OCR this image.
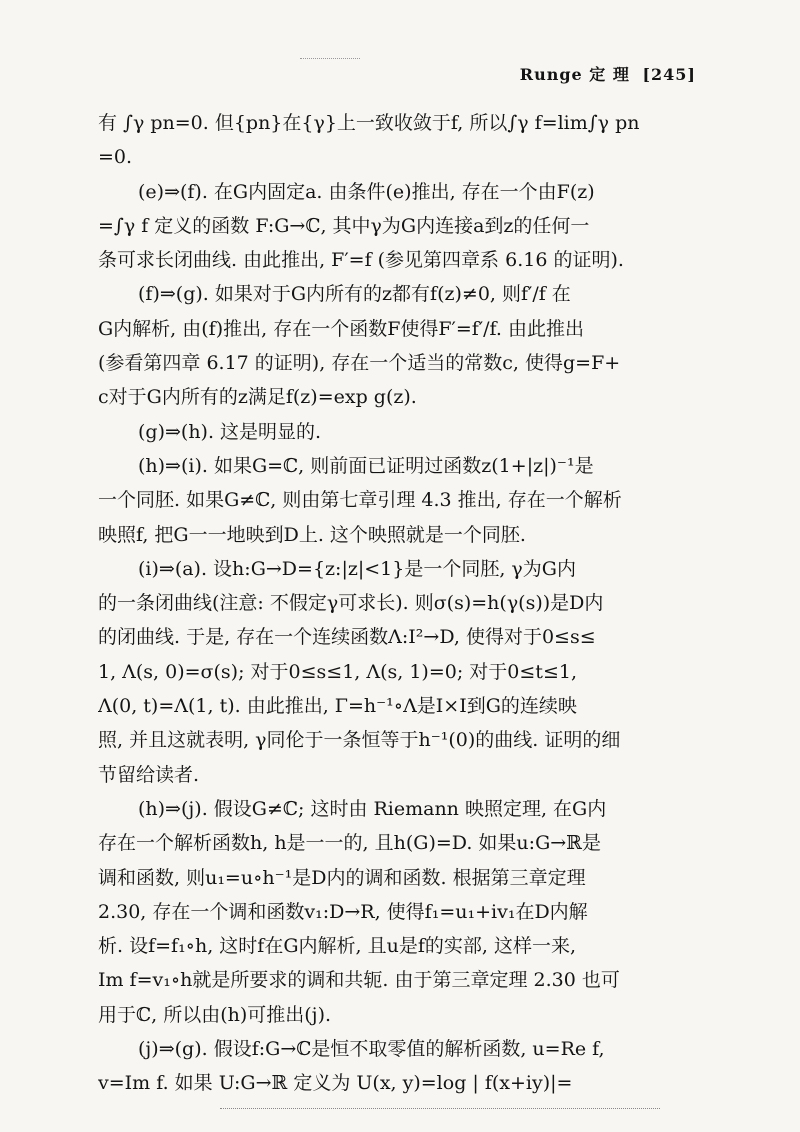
Runge 定 理 [245]
有 ∫γ pn=0. 但{pn}在{γ}上一致收敛于f, 所以∫γ f=lim∫γ pn
=0.
(e)⇒(f). 在G内固定a. 由条件(e)推出, 存在一个由F(z)
=∫γ f 定义的函数 F:G→ℂ, 其中γ为G内连接a到z的任何一
条可求长闭曲线. 由此推出, F′=f (参见第四章系 6.16 的证明).
(f)⇒(g). 如果对于G内所有的z都有f(z)≠0, 则f′/f 在
G内解析, 由(f)推出, 存在一个函数F使得F′=f′/f. 由此推出
(参看第四章 6.17 的证明), 存在一个适当的常数c, 使得g=F+
c对于G内所有的z满足f(z)=exp g(z).
(g)⇒(h). 这是明显的.
(h)⇒(i). 如果G=ℂ, 则前面已证明过函数z(1+|z|)⁻¹是
一个同胚. 如果G≠ℂ, 则由第七章引理 4.3 推出, 存在一个解析
映照f, 把G一一地映到D上. 这个映照就是一个同胚.
(i)⇒(a). 设h:G→D={z:|z|<1}是一个同胚, γ为G内
的一条闭曲线(注意: 不假定γ可求长). 则σ(s)=h(γ(s))是D内
的闭曲线. 于是, 存在一个连续函数Λ:I²→D, 使得对于0≤s≤
1, Λ(s, 0)=σ(s); 对于0≤s≤1, Λ(s, 1)=0; 对于0≤t≤1,
Λ(0, t)=Λ(1, t). 由此推出, Γ=h⁻¹∘Λ是I×I到G的连续映
照, 并且这就表明, γ同伦于一条恒等于h⁻¹(0)的曲线. 证明的细
节留给读者.
(h)⇒(j). 假设G≠ℂ; 这时由 Riemann 映照定理, 在G内
存在一个解析函数h, h是一一的, 且h(G)=D. 如果u:G→ℝ是
调和函数, 则u₁=u∘h⁻¹是D内的调和函数. 根据第三章定理
2.30, 存在一个调和函数v₁:D→R, 使得f₁=u₁+iv₁在D内解
析. 设f=f₁∘h, 这时f在G内解析, 且u是f的实部, 这样一来,
Im f=v₁∘h就是所要求的调和共轭. 由于第三章定理 2.30 也可
用于ℂ, 所以由(h)可推出(j).
(j)⇒(g). 假设f:G→ℂ是恒不取零值的解析函数, u=Re f,
v=Im f. 如果 U:G→ℝ 定义为 U(x, y)=log | f(x+iy)|=
